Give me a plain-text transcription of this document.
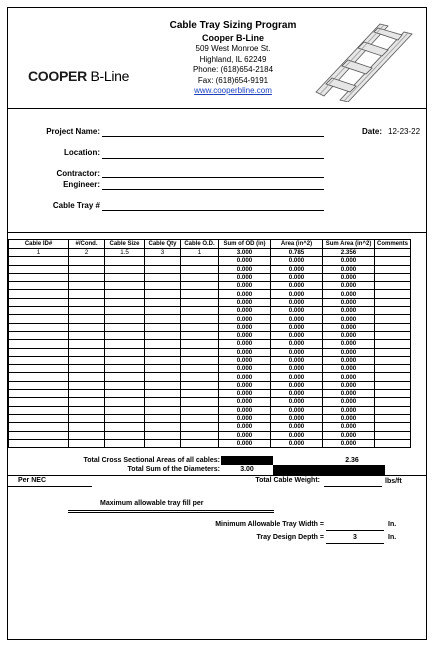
COOPER B-Line
Cable Tray Sizing Program
Cooper B-Line
509 West Monroe St.
Highland, IL 62249
Phone: (618)654-2184
Fax: (618)654-9191
www.cooperbline.com
Project Name:	Date: 12-23-22
Location:
Contractor:
Engineer:
Cable Tray #
Cable ID#	#/Cond.	Cable Size	Cable Qty	Cable O.D.	Sum of OD (in)	Area (in^2)	Sum Area (in^2)	Comments
1	2	1.5	3	1	3.000	0.785	2.356	
					0.000	0.000	0.000	
					0.000	0.000	0.000	
					0.000	0.000	0.000	
					0.000	0.000	0.000	
					0.000	0.000	0.000	
					0.000	0.000	0.000	
					0.000	0.000	0.000	
					0.000	0.000	0.000	
					0.000	0.000	0.000	
					0.000	0.000	0.000	
					0.000	0.000	0.000	
					0.000	0.000	0.000	
					0.000	0.000	0.000	
					0.000	0.000	0.000	
					0.000	0.000	0.000	
					0.000	0.000	0.000	
					0.000	0.000	0.000	
					0.000	0.000	0.000	
					0.000	0.000	0.000	
					0.000	0.000	0.000	
					0.000	0.000	0.000	
					0.000	0.000	0.000	
					0.000	0.000	0.000	
Total Cross Sectional Areas of all cables:	2.36
Total Sum of the Diameters:	3.00
Per NEC	Total Cable Weight:	lbs/ft
Maximum allowable tray fill per
Minimum Allowable Tray Width =	In.
Tray Design Depth =	3	In.
